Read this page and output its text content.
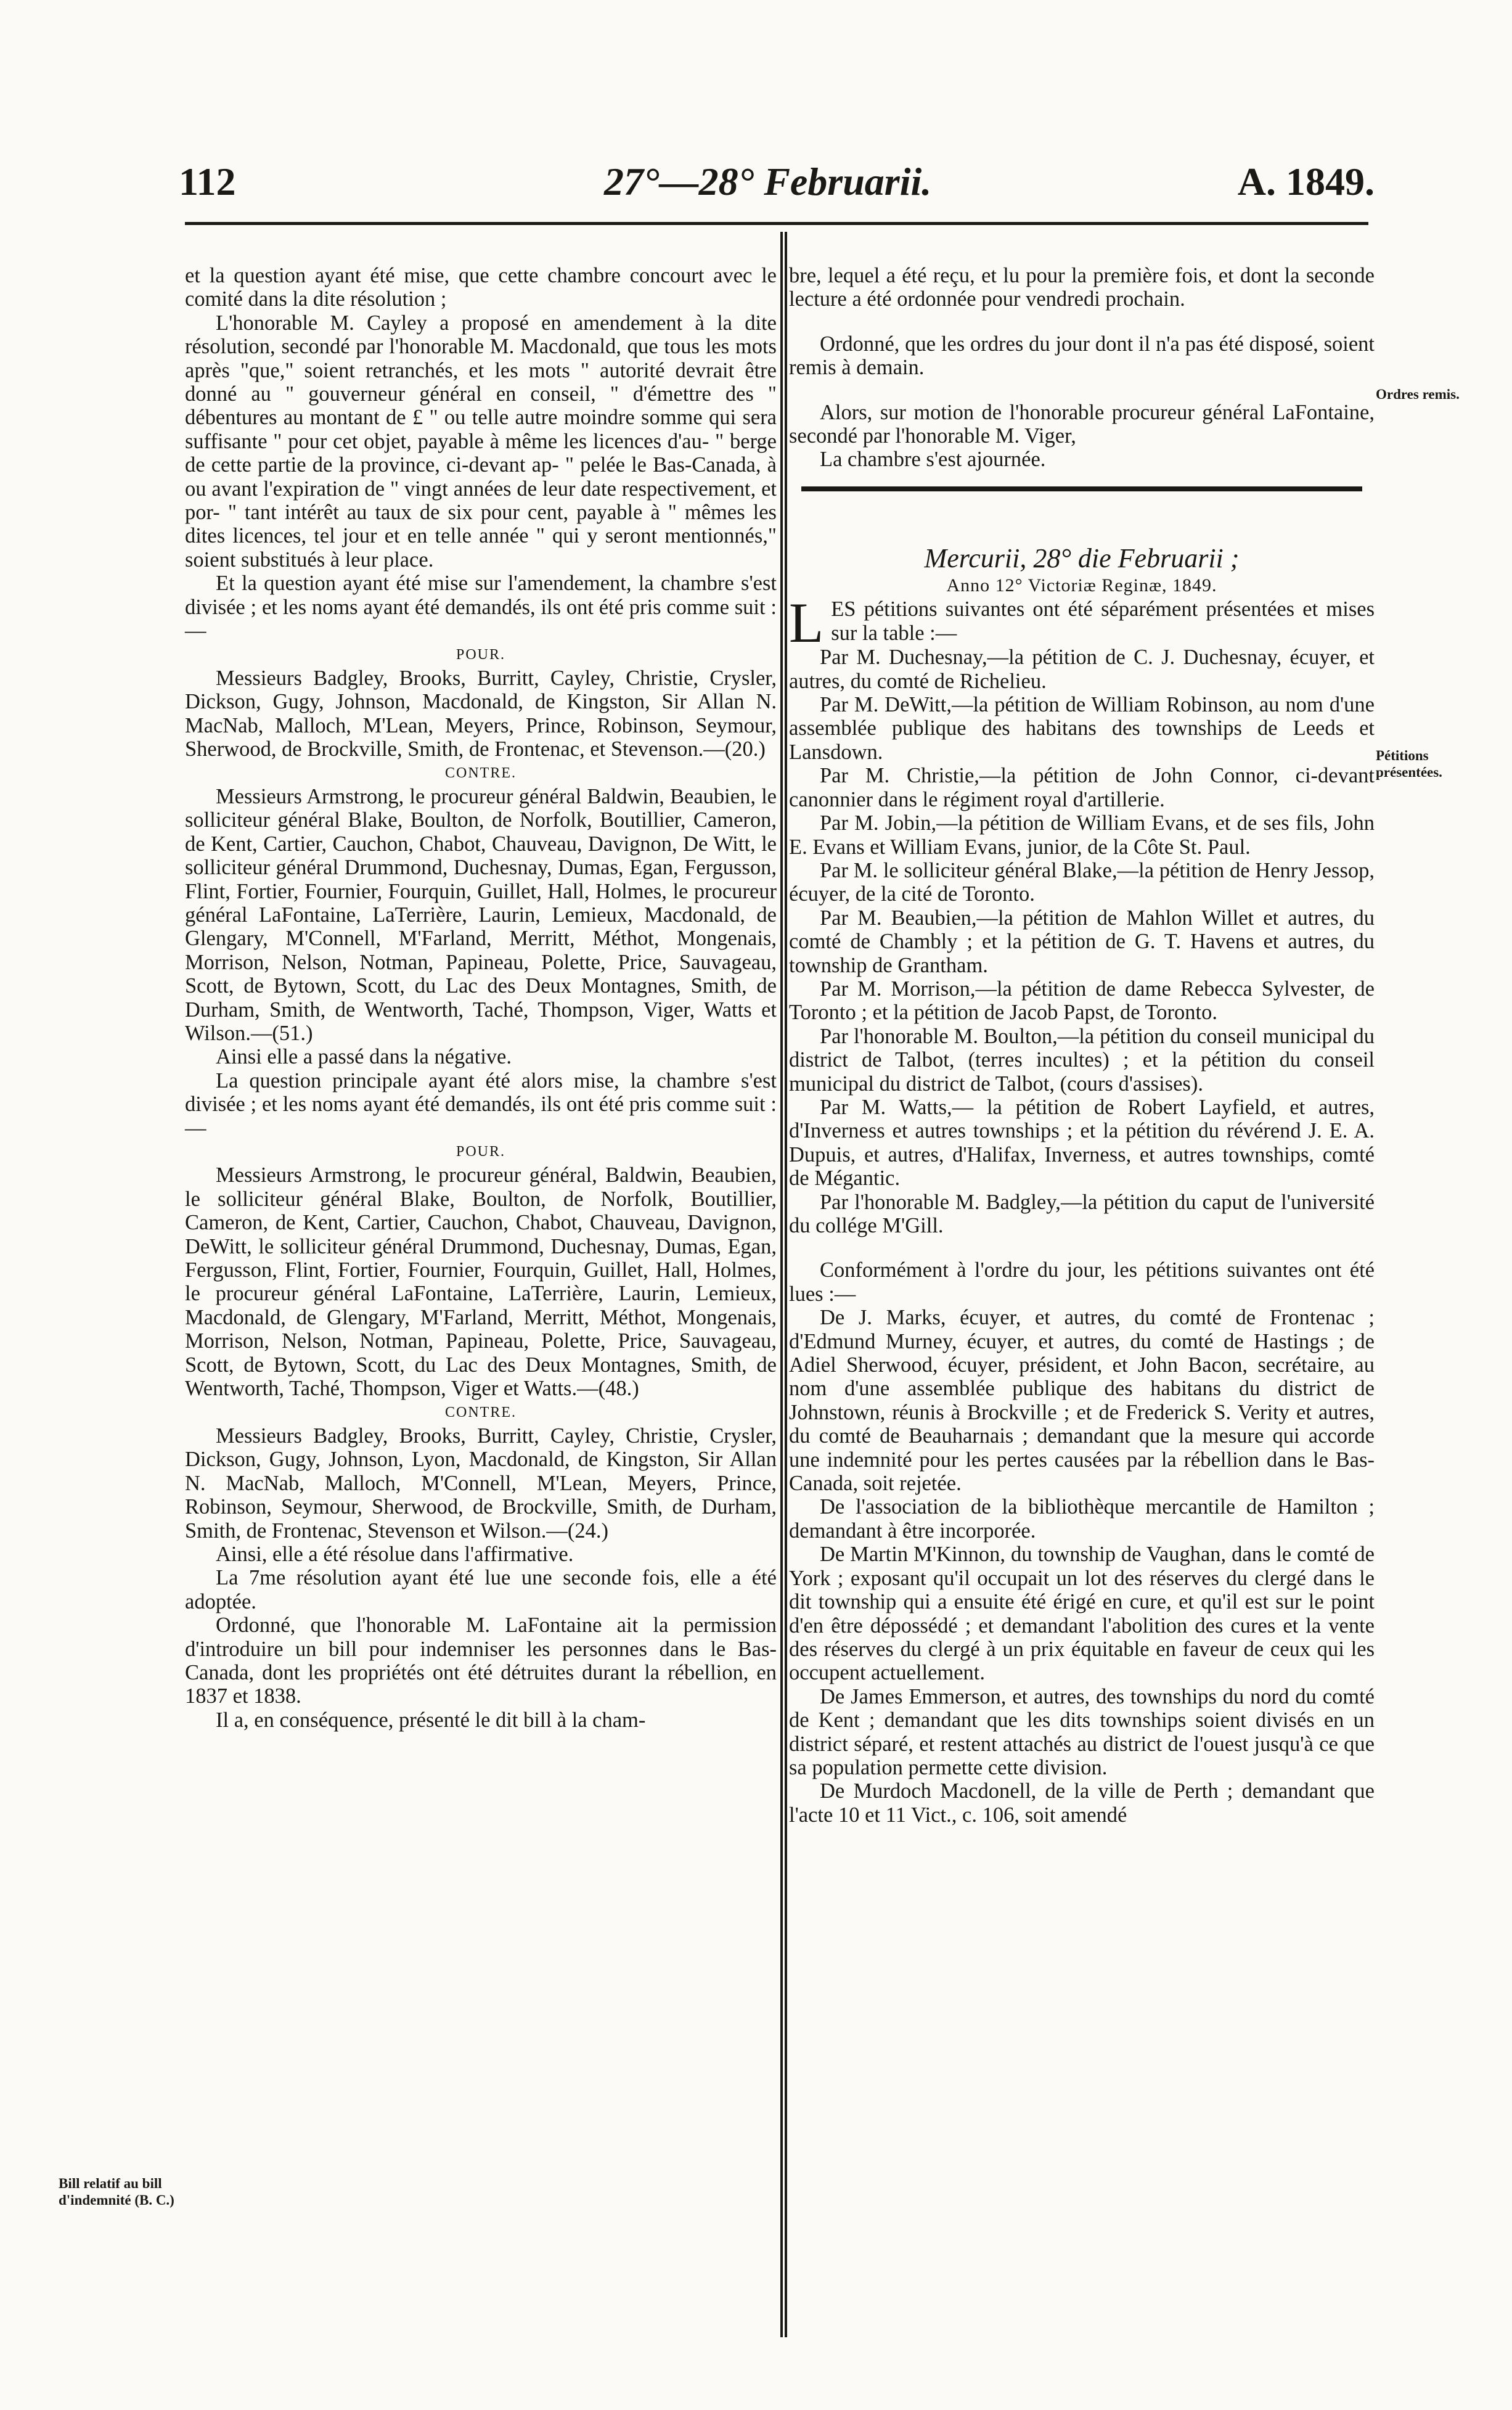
112	27°—28° Februarii.	A. 1849.

et la question ayant été mise, que cette chambre concourt avec le comité dans la dite résolution ;

L'honorable M. Cayley a proposé en amendement à la dite résolution, secondé par l'honorable M. Macdonald, que tous les mots après "que," soient retranchés, et les mots " autorité devrait être donné au " gouverneur général en conseil, " d'émettre des " débentures au montant de £ " ou telle autre moindre somme qui sera suffisante " pour cet objet, payable à même les licences d'au- " berge de cette partie de la province, ci-devant ap- " pelée le Bas-Canada, à ou avant l'expiration de " vingt années de leur date respectivement, et por- " tant intérêt au taux de six pour cent, payable à " mêmes les dites licences, tel jour et en telle année " qui y seront mentionnés," soient substitués à leur place.

Et la question ayant été mise sur l'amendement, la chambre s'est divisée ; et les noms ayant été demandés, ils ont été pris comme suit :—

POUR.

Messieurs Badgley, Brooks, Burritt, Cayley, Christie, Crysler, Dickson, Gugy, Johnson, Macdonald, de Kingston, Sir Allan N. MacNab, Malloch, M'Lean, Meyers, Prince, Robinson, Seymour, Sherwood, de Brockville, Smith, de Frontenac, et Stevenson.—(20.)

CONTRE.

Messieurs Armstrong, le procureur général Baldwin, Beaubien, le solliciteur général Blake, Boulton, de Norfolk, Boutillier, Cameron, de Kent, Cartier, Cauchon, Chabot, Chauveau, Davignon, De Witt, le solliciteur général Drummond, Duchesnay, Dumas, Egan, Fergusson, Flint, Fortier, Fournier, Fourquin, Guillet, Hall, Holmes, le procureur général LaFontaine, LaTerrière, Laurin, Lemieux, Macdonald, de Glengary, M'Connell, M'Farland, Merritt, Méthot, Mongenais, Morrison, Nelson, Notman, Papineau, Polette, Price, Sauvageau, Scott, de Bytown, Scott, du Lac des Deux Montagnes, Smith, de Durham, Smith, de Wentworth, Taché, Thompson, Viger, Watts et Wilson.—(51.)

Ainsi elle a passé dans la négative.

La question principale ayant été alors mise, la chambre s'est divisée ; et les noms ayant été demandés, ils ont été pris comme suit :—

POUR.

Messieurs Armstrong, le procureur général, Baldwin, Beaubien, le solliciteur général Blake, Boulton, de Norfolk, Boutillier, Cameron, de Kent, Cartier, Cauchon, Chabot, Chauveau, Davignon, DeWitt, le solliciteur général Drummond, Duchesnay, Dumas, Egan, Fergusson, Flint, Fortier, Fournier, Fourquin, Guillet, Hall, Holmes, le procureur général LaFontaine, LaTerrière, Laurin, Lemieux, Macdonald, de Glengary, M'Farland, Merritt, Méthot, Mongenais, Morrison, Nelson, Notman, Papineau, Polette, Price, Sauvageau, Scott, de Bytown, Scott, du Lac des Deux Montagnes, Smith, de Wentworth, Taché, Thompson, Viger et Watts.—(48.)

CONTRE.

Messieurs Badgley, Brooks, Burritt, Cayley, Christie, Crysler, Dickson, Gugy, Johnson, Lyon, Macdonald, de Kingston, Sir Allan N. MacNab, Malloch, M'Connell, M'Lean, Meyers, Prince, Robinson, Seymour, Sherwood, de Brockville, Smith, de Durham, Smith, de Frontenac, Stevenson et Wilson.—(24.)

Ainsi, elle a été résolue dans l'affirmative.

La 7me résolution ayant été lue une seconde fois, elle a été adoptée.

Ordonné, que l'honorable M. LaFontaine ait la permission d'introduire un bill pour indemniser les personnes dans le Bas-Canada, dont les propriétés ont été détruites durant la rébellion, en 1837 et 1838.

Il a, en conséquence, présenté le dit bill à la cham-

bre, lequel a été reçu, et lu pour la première fois, et dont la seconde lecture a été ordonnée pour vendredi prochain.

Ordonné, que les ordres du jour dont il n'a pas été disposé, soient remis à demain.

Alors, sur motion de l'honorable procureur général LaFontaine, secondé par l'honorable M. Viger,

La chambre s'est ajournée.

Mercurii, 28° die Februarii ;

Anno 12° Victoriæ Reginæ, 1849.

L ES pétitions suivantes ont été séparément présentées et mises sur la table :—

Par M. Duchesnay,—la pétition de C. J. Duchesnay, écuyer, et autres, du comté de Richelieu.

Par M. DeWitt,—la pétition de William Robinson, au nom d'une assemblée publique des habitans des townships de Leeds et Lansdown.

Par M. Christie,—la pétition de John Connor, ci-devant canonnier dans le régiment royal d'artillerie.

Par M. Jobin,—la pétition de William Evans, et de ses fils, John E. Evans et William Evans, junior, de la Côte St. Paul.

Par M. le solliciteur général Blake,—la pétition de Henry Jessop, écuyer, de la cité de Toronto.

Par M. Beaubien,—la pétition de Mahlon Willet et autres, du comté de Chambly ; et la pétition de G. T. Havens et autres, du township de Grantham.

Par M. Morrison,—la pétition de dame Rebecca Sylvester, de Toronto ; et la pétition de Jacob Papst, de Toronto.

Par l'honorable M. Boulton,—la pétition du conseil municipal du district de Talbot, (terres incultes) ; et la pétition du conseil municipal du district de Talbot, (cours d'assises).

Par M. Watts,— la pétition de Robert Layfield, et autres, d'Inverness et autres townships ; et la pétition du révérend J. E. A. Dupuis, et autres, d'Halifax, Inverness, et autres townships, comté de Mégantic.

Par l'honorable M. Badgley,—la pétition du caput de l'université du collége M'Gill.

Conformément à l'ordre du jour, les pétitions suivantes ont été lues :—

De J. Marks, écuyer, et autres, du comté de Frontenac ; d'Edmund Murney, écuyer, et autres, du comté de Hastings ; de Adiel Sherwood, écuyer, président, et John Bacon, secrétaire, au nom d'une assemblée publique des habitans du district de Johnstown, réunis à Brockville ; et de Frederick S. Verity et autres, du comté de Beauharnais ; demandant que la mesure qui accorde une indemnité pour les pertes causées par la rébellion dans le Bas-Canada, soit rejetée.

De l'association de la bibliothèque mercantile de Hamilton ; demandant à être incorporée.

De Martin M'Kinnon, du township de Vaughan, dans le comté de York ; exposant qu'il occupait un lot des réserves du clergé dans le dit township qui a ensuite été érigé en cure, et qu'il est sur le point d'en être dépossédé ; et demandant l'abolition des cures et la vente des réserves du clergé à un prix équitable en faveur de ceux qui les occupent actuellement.

De James Emmerson, et autres, des townships du nord du comté de Kent ; demandant que les dits townships soient divisés en un district séparé, et restent attachés au district de l'ouest jusqu'à ce que sa population permette cette division.

De Murdoch Macdonell, de la ville de Perth ; demandant que l'acte 10 et 11 Vict., c. 106, soit amendé

Ordres remis.
Pétitions présentées.
Bill relatif au bill d'indemnité (B. C.)
